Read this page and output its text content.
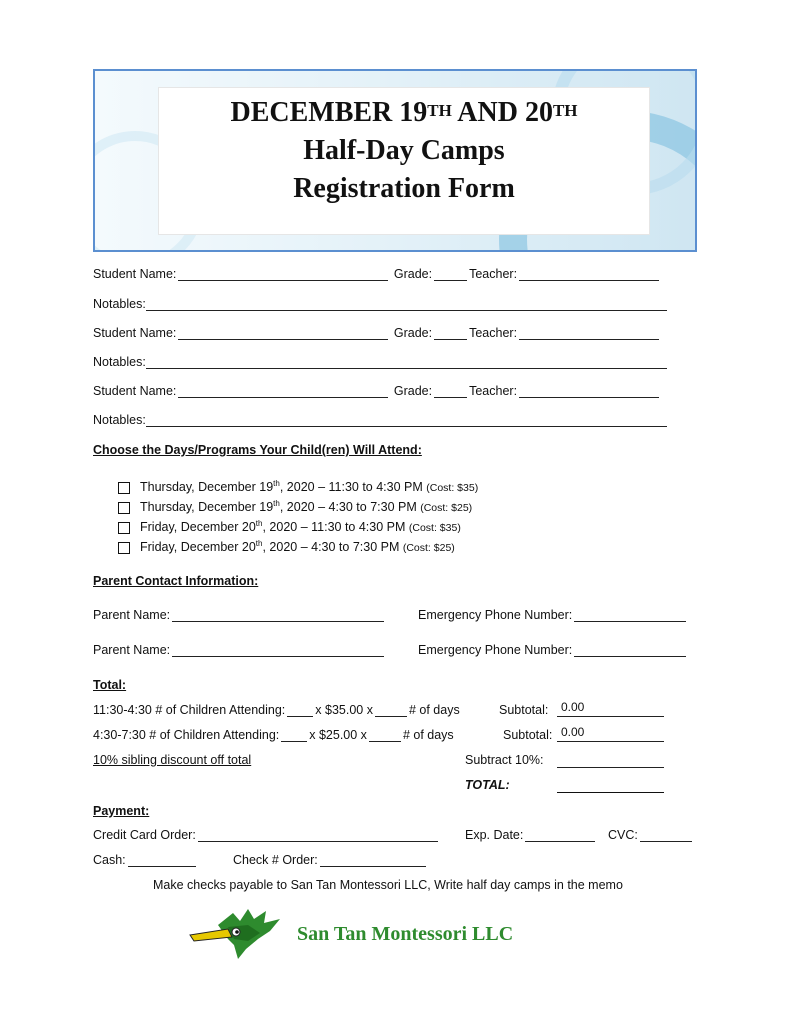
DECEMBER 19TH AND 20TH
Half-Day Camps
Registration Form
Student Name:	Grade:	Teacher:
Notables:
Student Name:	Grade:	Teacher:
Notables:
Student Name:	Grade:	Teacher:
Notables:
Choose the Days/Programs Your Child(ren) Will Attend:
Thursday, December 19th, 2020 – 11:30 to 4:30 PM (Cost: $35)
Thursday, December 19th, 2020 – 4:30 to 7:30 PM (Cost: $25)
Friday, December 20th, 2020 – 11:30 to 4:30 PM (Cost: $35)
Friday, December 20th, 2020 – 4:30 to 7:30 PM (Cost: $25)
Parent Contact Information:
Parent Name:	Emergency Phone Number:
Parent Name:	Emergency Phone Number:
Total:
11:30-4:30 # of Children Attending: x $35.00 x	# of days	Subtotal:	0.00
4:30-7:30 # of Children Attending: x $25.00 x	# of days	Subtotal: 0.00
10% sibling discount off total	Subtract 10%:
TOTAL:
Payment:
Credit Card Order:	Exp. Date:	CVC:
Cash:	Check # Order:
Make checks payable to San Tan Montessori LLC, Write half day camps in the memo
San Tan Montessori LLC
